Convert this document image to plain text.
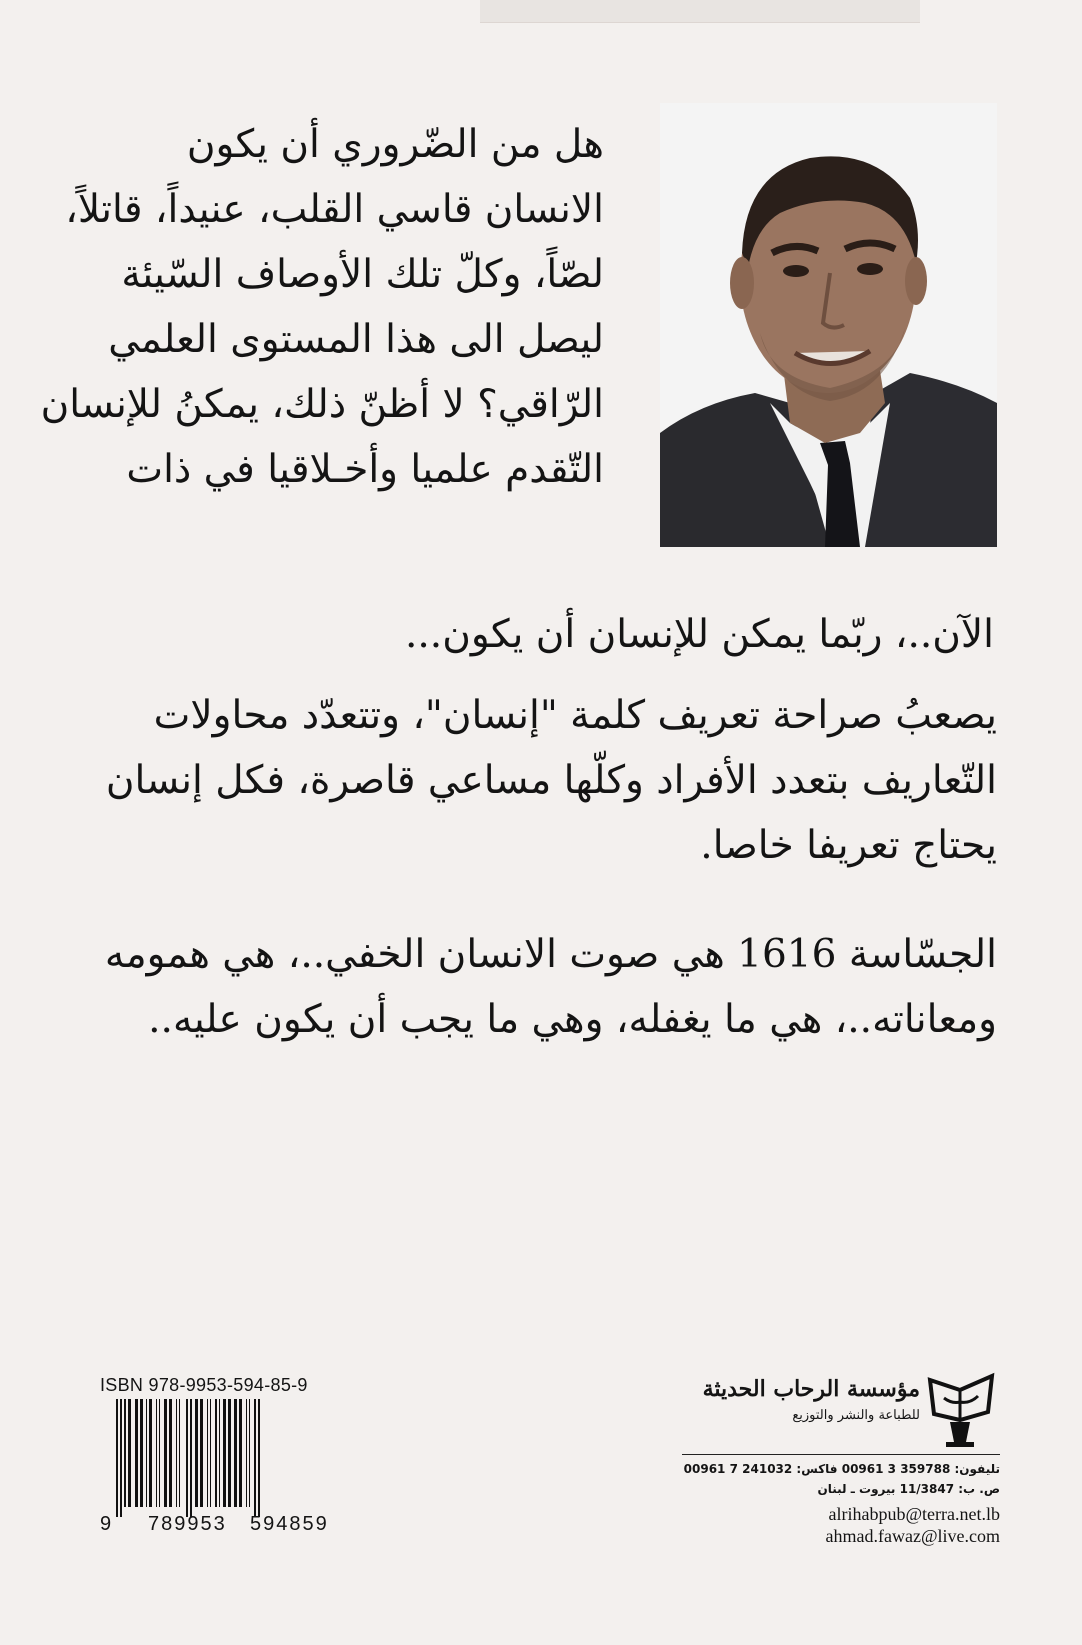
هل من الضّروري أن يكون
الانسان قاسي القلب، عنيداً، قاتلاً،
لصّاً، وكلّ تلك الأوصاف السّيئة
ليصل الى هذا المستوى العلمي
الرّاقي؟ لا أظنّ ذلك، يمكنُ للإنسان
التّقدم علميا وأخـلاقيا في ذات
الآن..، ربّما يمكن للإنسان أن يكون...
يصعبُ صراحة تعريف كلمة "إنسان"، وتتعدّد محاولات
التّعاريف بتعدد الأفراد وكلّها مساعي قاصرة، فكل إنسان
يحتاج تعريفا خاصا.
الجسّاسة 1616 هي صوت الانسان الخفي..، هي همومه
ومعاناته..، هي ما يغفله، وهي ما يجب أن يكون عليه..
ISBN 978-9953-594-85-9
9 789953 594859
مؤسسة الرحاب الحديثة
للطباعة والنشر والتوزيع
تليفون: 359788 3 00961 فاكس: 241032 7 00961
ص. ب: 11/3847 بيروت ـ لبنان
alrihabpub@terra.net.lb
ahmad.fawaz@live.com
